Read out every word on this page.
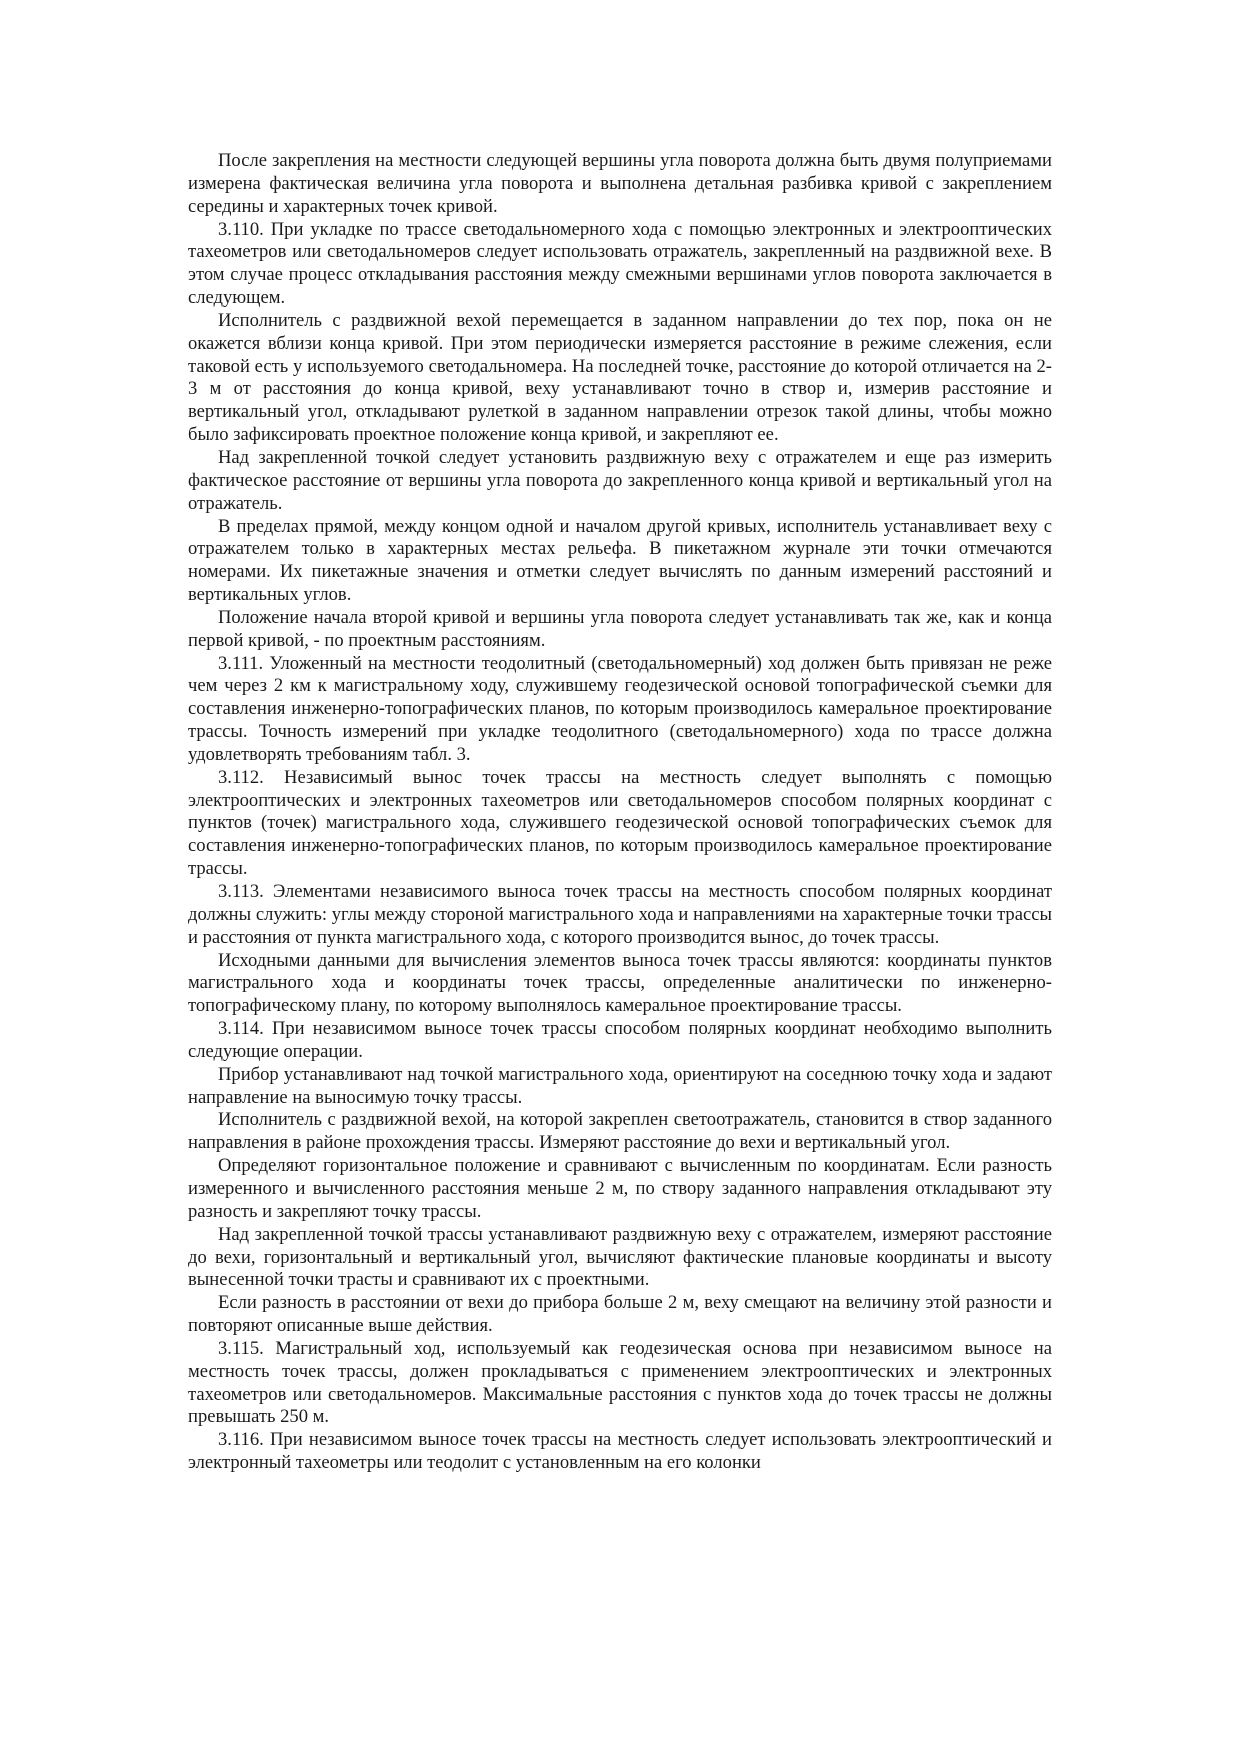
После закрепления на местности следующей вершины угла поворота должна быть двумя полуприемами измерена фактическая величина угла поворота и выполнена детальная разбивка кривой с закреплением середины и характерных точек кривой.

3.110. При укладке по трассе светодальномерного хода с помощью электронных и электрооптических тахеометров или светодальномеров следует использовать отражатель, закрепленный на раздвижной вехе. В этом случае процесс откладывания расстояния между смежными вершинами углов поворота заключается в следующем.

Исполнитель с раздвижной вехой перемещается в заданном направлении до тех пор, пока он не окажется вблизи конца кривой. При этом периодически измеряется расстояние в режиме слежения, если таковой есть у используемого светодальномера. На последней точке, расстояние до которой отличается на 2-3 м от расстояния до конца кривой, веху устанавливают точно в створ и, измерив расстояние и вертикальный угол, откладывают рулеткой в заданном направлении отрезок такой длины, чтобы можно было зафиксировать проектное положение конца кривой, и закрепляют ее.

Над закрепленной точкой следует установить раздвижную веху с отражателем и еще раз измерить фактическое расстояние от вершины угла поворота до закрепленного конца кривой и вертикальный угол на отражатель.

В пределах прямой, между концом одной и началом другой кривых, исполнитель устанавливает веху с отражателем только в характерных местах рельефа. В пикетажном журнале эти точки отмечаются номерами. Их пикетажные значения и отметки следует вычислять по данным измерений расстояний и вертикальных углов.

Положение начала второй кривой и вершины угла поворота следует устанавливать так же, как и конца первой кривой, - по проектным расстояниям.

3.111. Уложенный на местности теодолитный (светодальномерный) ход должен быть привязан не реже чем через 2 км к магистральному ходу, служившему геодезической основой топографической съемки для составления инженерно-топографических планов, по которым производилось камеральное проектирование трассы. Точность измерений при укладке теодолитного (светодальномерного) хода по трассе должна удовлетворять требованиям табл. 3.

3.112. Независимый вынос точек трассы на местность следует выполнять с помощью электрооптических и электронных тахеометров или светодальномеров способом полярных координат с пунктов (точек) магистрального хода, служившего геодезической основой топографических съемок для составления инженерно-топографических планов, по которым производилось камеральное проектирование трассы.

3.113. Элементами независимого выноса точек трассы на местность способом полярных координат должны служить: углы между стороной магистрального хода и направлениями на характерные точки трассы и расстояния от пункта магистрального хода, с которого производится вынос, до точек трассы.

Исходными данными для вычисления элементов выноса точек трассы являются: координаты пунктов магистрального хода и координаты точек трассы, определенные аналитически по инженерно-топографическому плану, по которому выполнялось камеральное проектирование трассы.

3.114. При независимом выносе точек трассы способом полярных координат необходимо выполнить следующие операции.

Прибор устанавливают над точкой магистрального хода, ориентируют на соседнюю точку хода и задают направление на выносимую точку трассы.

Исполнитель с раздвижной вехой, на которой закреплен светоотражатель, становится в створ заданного направления в районе прохождения трассы. Измеряют расстояние до вехи и вертикальный угол.

Определяют горизонтальное положение и сравнивают с вычисленным по координатам. Если разность измеренного и вычисленного расстояния меньше 2 м, по створу заданного направления откладывают эту разность и закрепляют точку трассы.

Над закрепленной точкой трассы устанавливают раздвижную веху с отражателем, измеряют расстояние до вехи, горизонтальный и вертикальный угол, вычисляют фактические плановые координаты и высоту вынесенной точки трасты и сравнивают их с проектными.

Если разность в расстоянии от вехи до прибора больше 2 м, веху смещают на величину этой разности и повторяют описанные выше действия.

3.115. Магистральный ход, используемый как геодезическая основа при независимом выносе на местность точек трассы, должен прокладываться с применением электрооптических и электронных тахеометров или светодальномеров. Максимальные расстояния с пунктов хода до точек трассы не должны превышать 250 м.

3.116. При независимом выносе точек трассы на местность следует использовать электрооптический и электронный тахеометры или теодолит с установленным на его колонки
